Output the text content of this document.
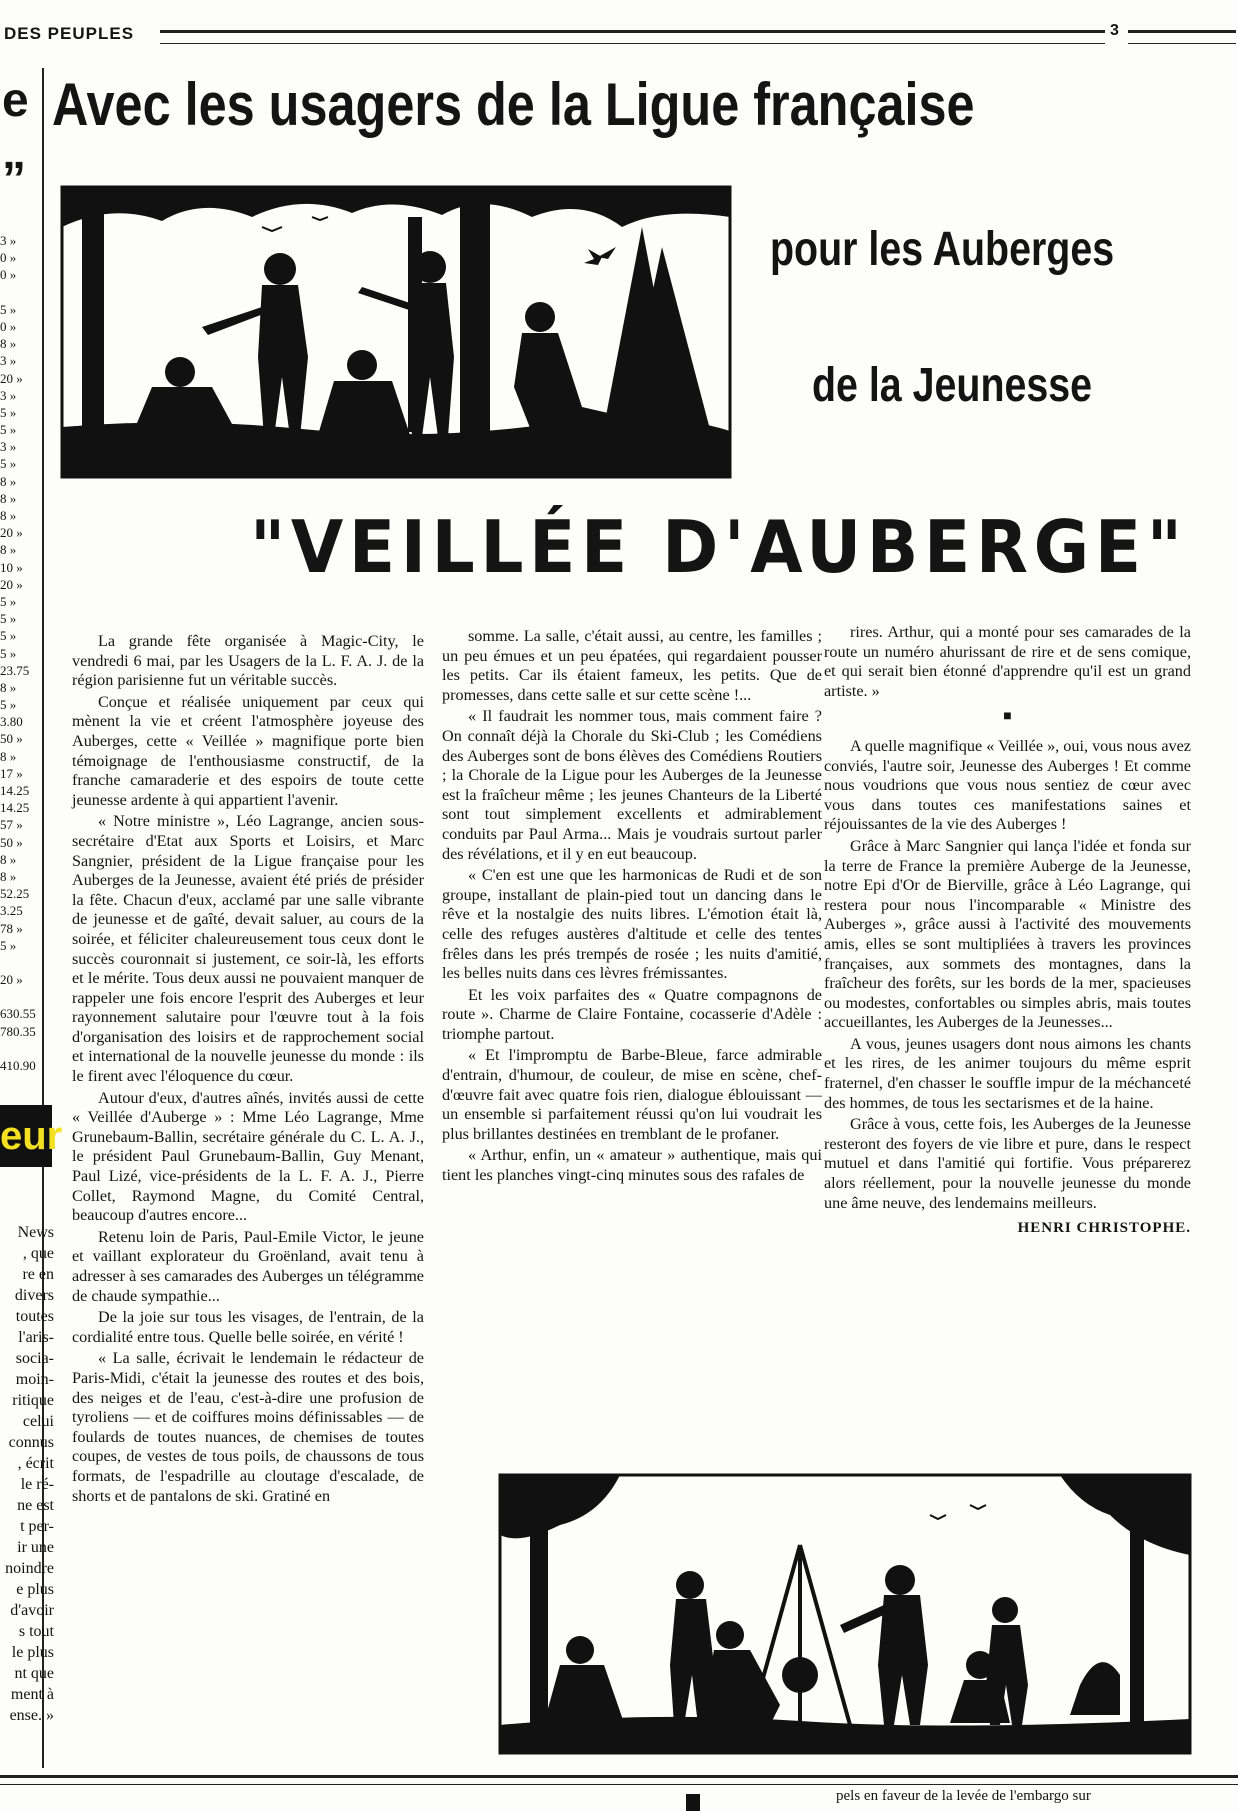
DES PEUPLES	3
e
„
3 »
0 »
0 »
5 »
0 »
8 »
3 »
20 »
3 »
5 »
5 »
3 »
5 »
8 »
8 »
8 »
20 »
8 »
10 »
20 »
5 »
5 »
5 »
5 »
23.75
8 »
5 »
3.80
50 »
8 »
17 »
14.25
14.25
57 »
50 »
8 »
8 »
52.25
3.25
78 »
5 »
20 »
630.55
780.35
410.90
eur
News
, que
re en
divers
toutes
l'aris-
socia-
moin-
ritique
celui
connus
, écrit
le ré-
ne est
t per-
ir une
noindre
e plus
d'avoir
s tout
le plus
nt que
ment à
ense. »
Avec les usagers de la Ligue française
pour les Auberges
de la Jeunesse
"VEILLÉE D'AUBERGE"

La grande fête organisée à Magic-City, le vendredi 6 mai, par les Usagers de la L. F. A. J. de la région parisienne fut un véritable succès.

Conçue et réalisée uniquement par ceux qui mènent la vie et créent l'atmosphère joyeuse des Auberges, cette « Veillée » magnifique porte bien témoignage de l'enthousiasme constructif, de la franche camaraderie et des espoirs de toute cette jeunesse ardente à qui appartient l'avenir.

« Notre ministre », Léo Lagrange, ancien sous-secrétaire d'Etat aux Sports et Loisirs, et Marc Sangnier, président de la Ligue française pour les Auberges de la Jeunesse, avaient été priés de présider la fête. Chacun d'eux, acclamé par une salle vibrante de jeunesse et de gaîté, devait saluer, au cours de la soirée, et féliciter chaleureusement tous ceux dont le succès couronnait si justement, ce soir-là, les efforts et le mérite. Tous deux aussi ne pouvaient manquer de rappeler une fois encore l'esprit des Auberges et leur rayonnement salutaire pour l'œuvre tout à la fois d'organisation des loisirs et de rapprochement social et international de la nouvelle jeunesse du monde : ils le firent avec l'éloquence du cœur.

Autour d'eux, d'autres aînés, invités aussi de cette « Veillée d'Auberge » : Mme Léo Lagrange, Mme Grunebaum-Ballin, secrétaire générale du C. L. A. J., le président Paul Grunebaum-Ballin, Guy Menant, Paul Lizé, vice-présidents de la L. F. A. J., Pierre Collet, Raymond Magne, du Comité Central, beaucoup d'autres encore...

Retenu loin de Paris, Paul-Emile Victor, le jeune et vaillant explorateur du Groënland, avait tenu à adresser à ses camarades des Auberges un télégramme de chaude sympathie...

De la joie sur tous les visages, de l'entrain, de la cordialité entre tous. Quelle belle soirée, en vérité !

« La salle, écrivait le lendemain le rédacteur de Paris-Midi, c'était la jeunesse des routes et des bois, des neiges et de l'eau, c'est-à-dire une profusion de tyroliens — et de coiffures moins définissables — de foulards de toutes nuances, de chemises de toutes coupes, de vestes de tous poils, de chaussons de tous formats, de l'espadrille au cloutage d'escalade, de shorts et de pantalons de ski. Gratiné en

somme. La salle, c'était aussi, au centre, les familles ; un peu émues et un peu épatées, qui regardaient pousser les petits. Car ils étaient fameux, les petits. Que de promesses, dans cette salle et sur cette scène !...

« Il faudrait les nommer tous, mais comment faire ? On connaît déjà la Chorale du Ski-Club ; les Comédiens des Auberges sont de bons élèves des Comédiens Routiers ; la Chorale de la Ligue pour les Auberges de la Jeunesse est la fraîcheur même ; les jeunes Chanteurs de la Liberté sont tout simplement excellents et admirablement conduits par Paul Arma... Mais je voudrais surtout parler des révélations, et il y en eut beaucoup.

« C'en est une que les harmonicas de Rudi et de son groupe, installant de plain-pied tout un dancing dans le rêve et la nostalgie des nuits libres. L'émotion était là, celle des refuges austères d'altitude et celle des tentes frêles dans les prés trempés de rosée ; les nuits d'amitié, les belles nuits dans ces lèvres frémissantes.

Et les voix parfaites des « Quatre compagnons de route ». Charme de Claire Fontaine, cocasserie d'Adèle : triomphe partout.

« Et l'impromptu de Barbe-Bleue, farce admirable d'entrain, d'humour, de couleur, de mise en scène, chef-d'œuvre fait avec quatre fois rien, dialogue éblouissant — un ensemble si parfaitement réussi qu'on lui voudrait les plus brillantes destinées en tremblant de le profaner.

« Arthur, enfin, un « amateur » authentique, mais qui tient les planches vingt-cinq minutes sous des rafales de

rires. Arthur, qui a monté pour ses camarades de la route un numéro ahurissant de rire et de sens comique, et qui serait bien étonné d'apprendre qu'il est un grand artiste. »

■

A quelle magnifique « Veillée », oui, vous nous avez conviés, l'autre soir, Jeunesse des Auberges ! Et comme nous voudrions que vous nous sentiez de cœur avec vous dans toutes ces manifestations saines et réjouissantes de la vie des Auberges !

Grâce à Marc Sangnier qui lança l'idée et fonda sur la terre de France la première Auberge de la Jeunesse, notre Epi d'Or de Bierville, grâce à Léo Lagrange, qui restera pour nous l'incomparable « Ministre des Auberges », grâce aussi à l'activité des mouvements amis, elles se sont multipliées à travers les provinces françaises, aux sommets des montagnes, dans la fraîcheur des forêts, sur les bords de la mer, spacieuses ou modestes, confortables ou simples abris, mais toutes accueillantes, les Auberges de la Jeunesses...

A vous, jeunes usagers dont nous aimons les chants et les rires, de les animer toujours du même esprit fraternel, d'en chasser le souffle impur de la méchanceté des hommes, de tous les sectarismes et de la haine.

Grâce à vous, cette fois, les Auberges de la Jeunesse resteront des foyers de vie libre et pure, dans le respect mutuel et dans l'amitié qui fortifie. Vous préparerez alors réellement, pour la nouvelle jeunesse du monde une âme neuve, des lendemains meilleurs.

HENRI CHRISTOPHE.
pels en faveur de la levée de l'embargo sur
